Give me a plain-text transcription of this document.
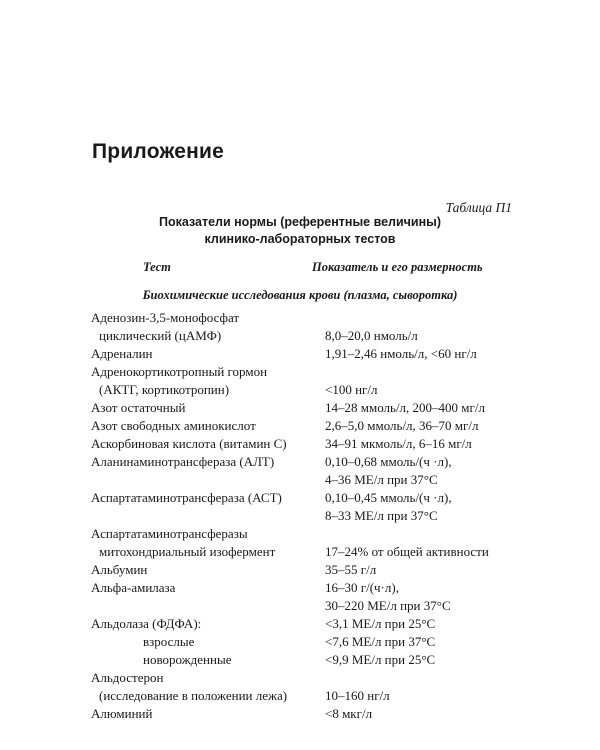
Приложение
Таблица П1
Показатели нормы (референтные величины)
клинико-лабораторных тестов
Тест	Показатель и его размерность
Биохимические исследования крови (плазма, сыворотка)
Аденозин-3,5-монофосфат
циклический (цАМФ)	8,0–20,0 нмоль/л
Адреналин	1,91–2,46 нмоль/л, <60 нг/л
Адренокортикотропный гормон
(АКТГ, кортикотропин)	<100 нг/л
Азот остаточный	14–28 ммоль/л, 200–400 мг/л
Азот свободных аминокислот	2,6–5,0 ммоль/л, 36–70 мг/л
Аскорбиновая кислота (витамин С)	34–91 мкмоль/л, 6–16 мг/л
Аланинаминотрансфераза (АЛТ)	0,10–0,68 ммоль/(ч ·л),
4–36 МЕ/л при 37°С
Аспартатаминотрансфераза (АСТ)	0,10–0,45 ммоль/(ч ·л),
8–33 МЕ/л при 37°С
Аспартатаминотрансферазы
митохондриальный изофермент	17–24% от общей активности
Альбумин	35–55 г/л
Альфа-амилаза	16–30 г/(ч·л),
30–220 МЕ/л при 37°С
Альдолаза (ФДФА):	<3,1 МЕ/л при 25°С
взрослые	<7,6 МЕ/л при 37°С
новорожденные	<9,9 МЕ/л при 25°С
Альдостерон
(исследование в положении лежа)	10–160 нг/л
Алюминий	<8 мкг/л
